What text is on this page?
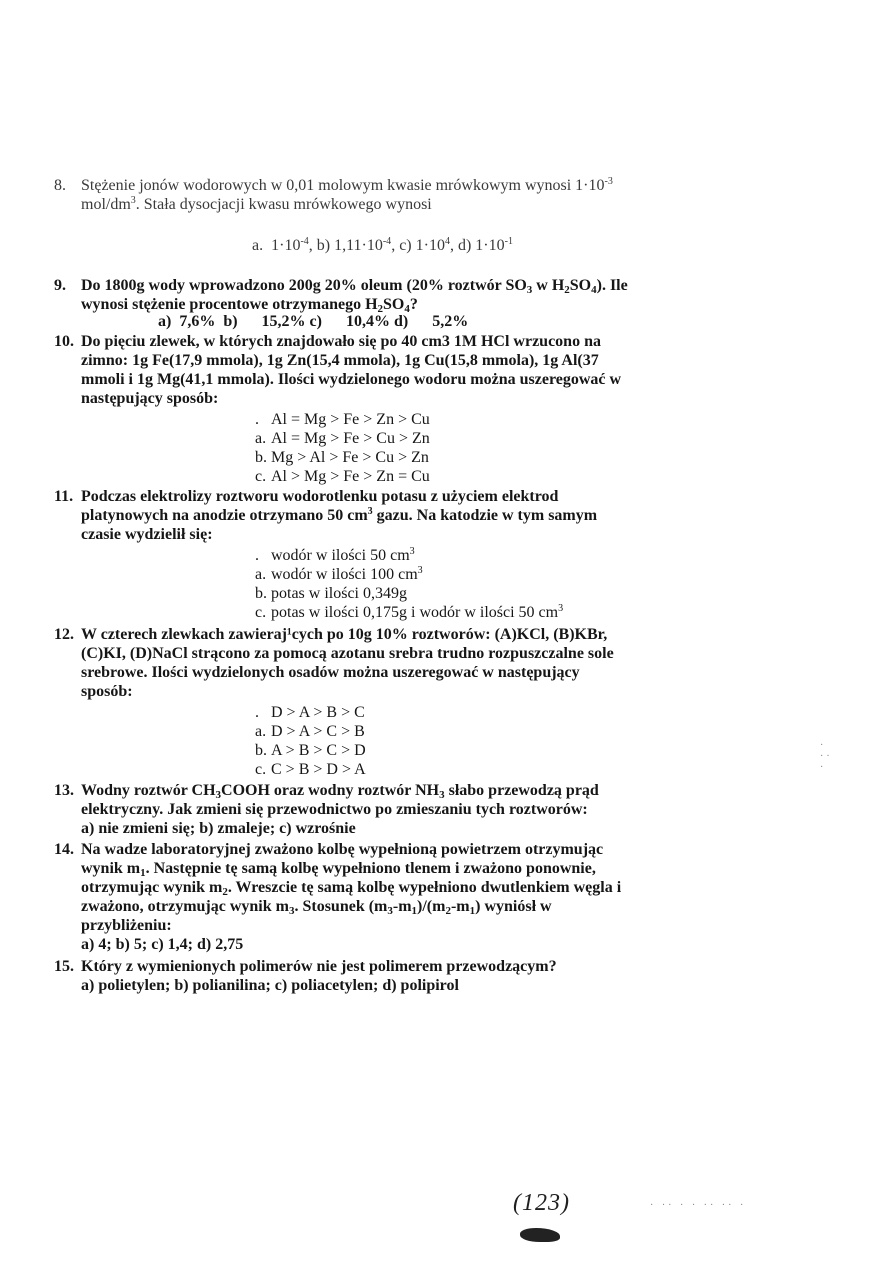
8. Stężenie jonów wodorowych w 0,01 molowym kwasie mrówkowym wynosi $1\cdot 10^{-3}$
mol/$dm^3$. Stała dysocjacji kwasu mrówkowego wynosi
a. $1\cdot 10^{-4}$, b) $1,11\cdot 10^{-4}$, c) $1\cdot 10^4$, d) $1\cdot 10^{-1}$
9. Do 1800g wody wprowadzono 200g 20% oleum (20% roztwór $SO_3$ w $H_2SO_4$). Ile
wynosi stężenie procentowe otrzymanego $H_2SO_4$?
a)  7,6%  b)      15,2% c)      10,4% d)      5,2%
10. Do pięciu zlewek, w których znajdowało się po 40 cm3 1M HCl wrzucono na
zimno: 1g Fe(17,9 mmola), 1g Zn(15,4 mmola), 1g Cu(15,8 mmola), 1g Al(37
mmoli i 1g Mg(41,1 mmola). Ilości wydzielonego wodoru można uszeregować w
następujący sposób:
. Al = Mg > Fe > Zn > Cu
a. Al = Mg > Fe > Cu > Zn
b. Mg > Al > Fe > Cu > Zn
c. Al > Mg > Fe > Zn = Cu
11. Podczas elektrolizy roztworu wodorotlenku potasu z użyciem elektrod
platynowych na anodzie otrzymano 50 $cm^3$ gazu. Na katodzie w tym samym
czasie wydzielił się:
. wodór w ilości 50 $cm^3$
a. wodór w ilości 100 $cm^3$
b. potas w ilości 0,349g
c. potas w ilości 0,175g i wodór w ilości 50 $cm^3$
12. W czterech zlewkach zawieraj¹cych po 10g 10% roztworów: (A)KCl, (B)KBr,
(C)KI, (D)NaCl strącono za pomocą azotanu srebra trudno rozpuszczalne sole
srebrowe. Ilości wydzielonych osadów można uszeregować w następujący
sposób:
. D > A > B > C
a. D > A > C > B
b. A > B > C > D
c. C > B > D > A
13. Wodny roztwór $CH_3COOH$ oraz wodny roztwór $NH_3$ słabo przewodzą prąd
elektryczny. Jak zmieni się przewodnictwo po zmieszaniu tych roztworów:
a) nie zmieni się; b) zmaleje; c) wzrośnie
14. Na wadze laboratoryjnej zważono kolbę wypełnioną powietrzem otrzymując
wynik $m_1$. Następnie tę samą kolbę wypełniono tlenem i zważono ponownie,
otrzymując wynik $m_2$. Wreszcie tę samą kolbę wypełniono dwutlenkiem węgla i
zważono, otrzymując wynik $m_3$. Stosunek $(m_3-m_1)/(m_2-m_1)$ wyniósł w
przybliżeniu:
a) 4; b) 5; c) 1,4; d) 2,75
15. Który z wymienionych polimerów nie jest polimerem przewodzącym?
a) polietylen; b) polianilina; c) poliacetylen; d) polipirol
(123)	· ·· · · ·· ·· ·
·
··
·
